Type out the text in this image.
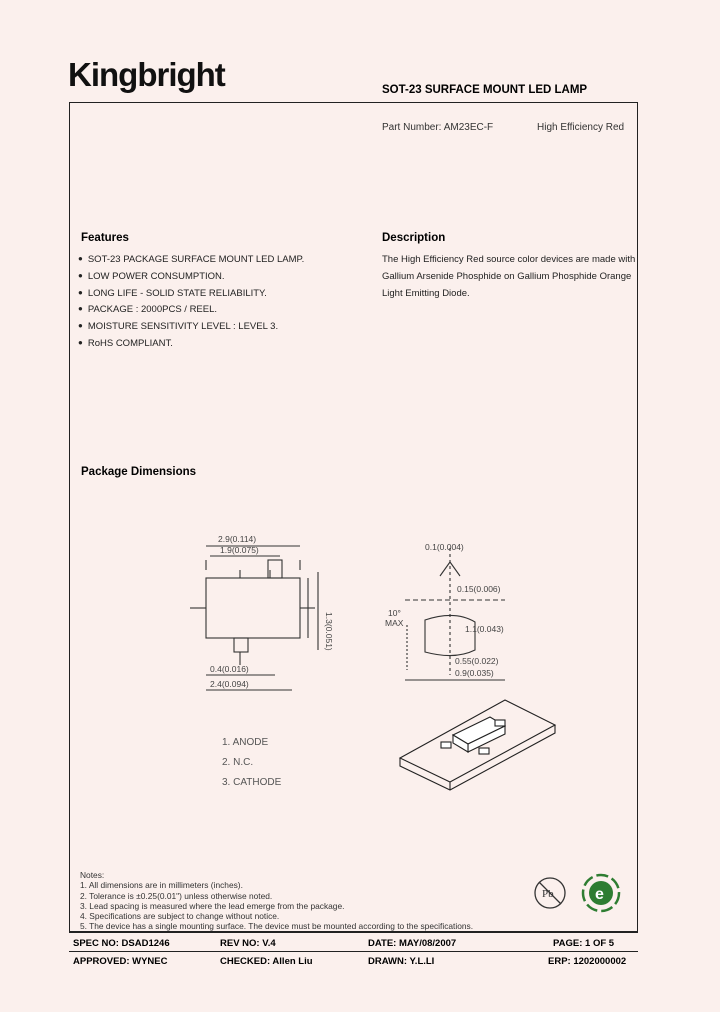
Kingbright	SOT-23 SURFACE MOUNT LED LAMP
Part Number: AM23EC-F	High Efficiency Red
Features
● SOT-23 PACKAGE SURFACE MOUNT LED LAMP.
● LOW POWER CONSUMPTION.
● LONG LIFE - SOLID STATE RELIABILITY.
● PACKAGE : 2000PCS / REEL.
● MOISTURE SENSITIVITY LEVEL : LEVEL 3.
● RoHS COMPLIANT.
Description
The High Efficiency Red source color devices are made with
Gallium Arsenide Phosphide on Gallium Phosphide Orange
Light Emitting Diode.
Package Dimensions
2.9(0.114)
1.9(0.075)
1.3(0.051)
0.4(0.016)
2.4(0.094)
0.1(0.004)
0.15(0.006)
1.1(0.043)
0.55(0.022)
0.9(0.035)
10°
MAX
1. ANODE
2. N.C.
3. CATHODE
Notes:
1. All dimensions are in millimeters (inches).
2. Tolerance is ±0.25(0.01") unless otherwise noted.
3. Lead spacing is measured where the lead emerge from the package.
4. Specifications are subject to change without notice.
5. The device has a single mounting surface. The device must be mounted according to the specifications.
Pb	e
SPEC NO: DSAD1246	REV NO: V.4	DATE: MAY/08/2007	PAGE: 1 OF 5
APPROVED: WYNEC	CHECKED: Allen Liu	DRAWN: Y.L.LI	ERP: 1202000002
